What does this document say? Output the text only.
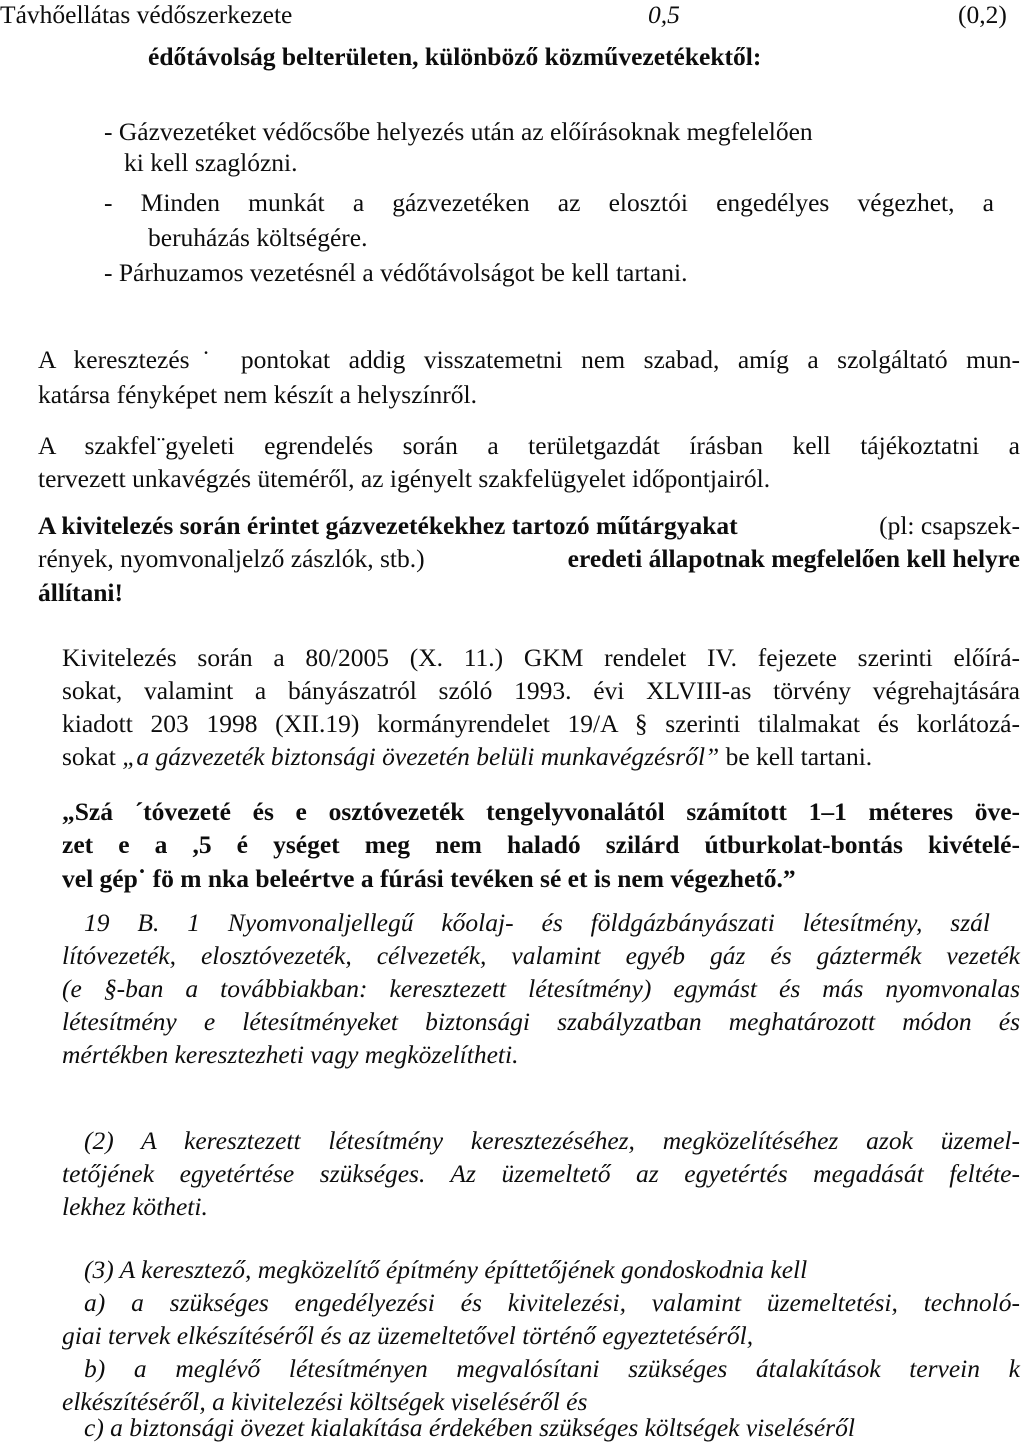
Távhőellátas védőszerkezete	0,5	(0,2)
édőtávolság belterületen, különböző közművezetékektől:
- Gázvezetéket védőcsőbe helyezés után az előírásoknak megfelelően
ki kell szaglózni.
- Minden munkát a gázvezetéken az elosztói engedélyes végezhet, a
beruházás költségére.
- Párhuzamos vezetésnél a védőtávolságot be kell tartani.
A keresztezés˙ pontokat addig visszatemetni nem szabad, amíg a szolgáltató mun-
katársa fényképet nem készít a helyszínről.
A szakfel¨gyeleti egrendelés során a területgazdát írásban kell tájékoztatni a
tervezett unkavégzés üteméről, az igényelt szakfelügyelet időpontjairól.
A kivitelezés során érintet gázvezetékekhez tartozó műtárgyakat	(pl: csapszek-
rények, nyomvonaljelző zászlók, stb.)	eredeti állapotnak megfelelően kell helyre
állítani!
Kivitelezés során a 80/2005 (X. 11.) GKM rendelet IV. fejezete szerinti előírá-
sokat, valamint a bányászatról szóló 1993. évi XLVIII-as törvény végrehajtására
kiadott 203 1998 (XII.19) kormányrendelet 19/A § szerinti tilalmakat és korlátozá-
sokat „a gázvezeték biztonsági övezetén belüli munkavégzésről” be kell tartani.
„Szá ´tóvezeté és e osztóvezeték tengelyvonalától számított 1–1 méteres öve-
zet e a ,5 é ységet meg nem haladó szilárd útburkolat-bontás kivételé-
vel gép˙ fö m nka beleértve a fúrási tevéken sé et is nem végezhető.”
19 B. 1 Nyomvonaljellegű kőolaj- és földgázbányászati létesítmény, szál
lítóvezeték, elosztóvezeték, célvezeték, valamint egyéb gáz és gáztermék vezeték
(e §-ban a továbbiakban: keresztezett létesítmény) egymást és más nyomvonalas
létesítmény e létesítményeket biztonsági szabályzatban meghatározott módon és
mértékben keresztezheti vagy megközelítheti.
(2) A keresztezett létesítmény keresztezéséhez, megközelítéséhez azok üzemel-
tetőjének egyetértése szükséges. Az üzemeltető az egyetértés megadását feltéte-
lekhez kötheti.
(3) A keresztező, megközelítő építmény építtetőjének gondoskodnia kell
a) a szükséges engedélyezési és kivitelezési, valamint üzemeltetési, technoló-
giai tervek elkészítéséről és az üzemeltetővel történő egyeztetéséről,
b) a meglévő létesítményen megvalósítani szükséges átalakítások tervein k
elkészítéséről, a kivitelezési költségek viseléséről és
c) a biztonsági övezet kialakítása érdekében szükséges költségek viseléséről
